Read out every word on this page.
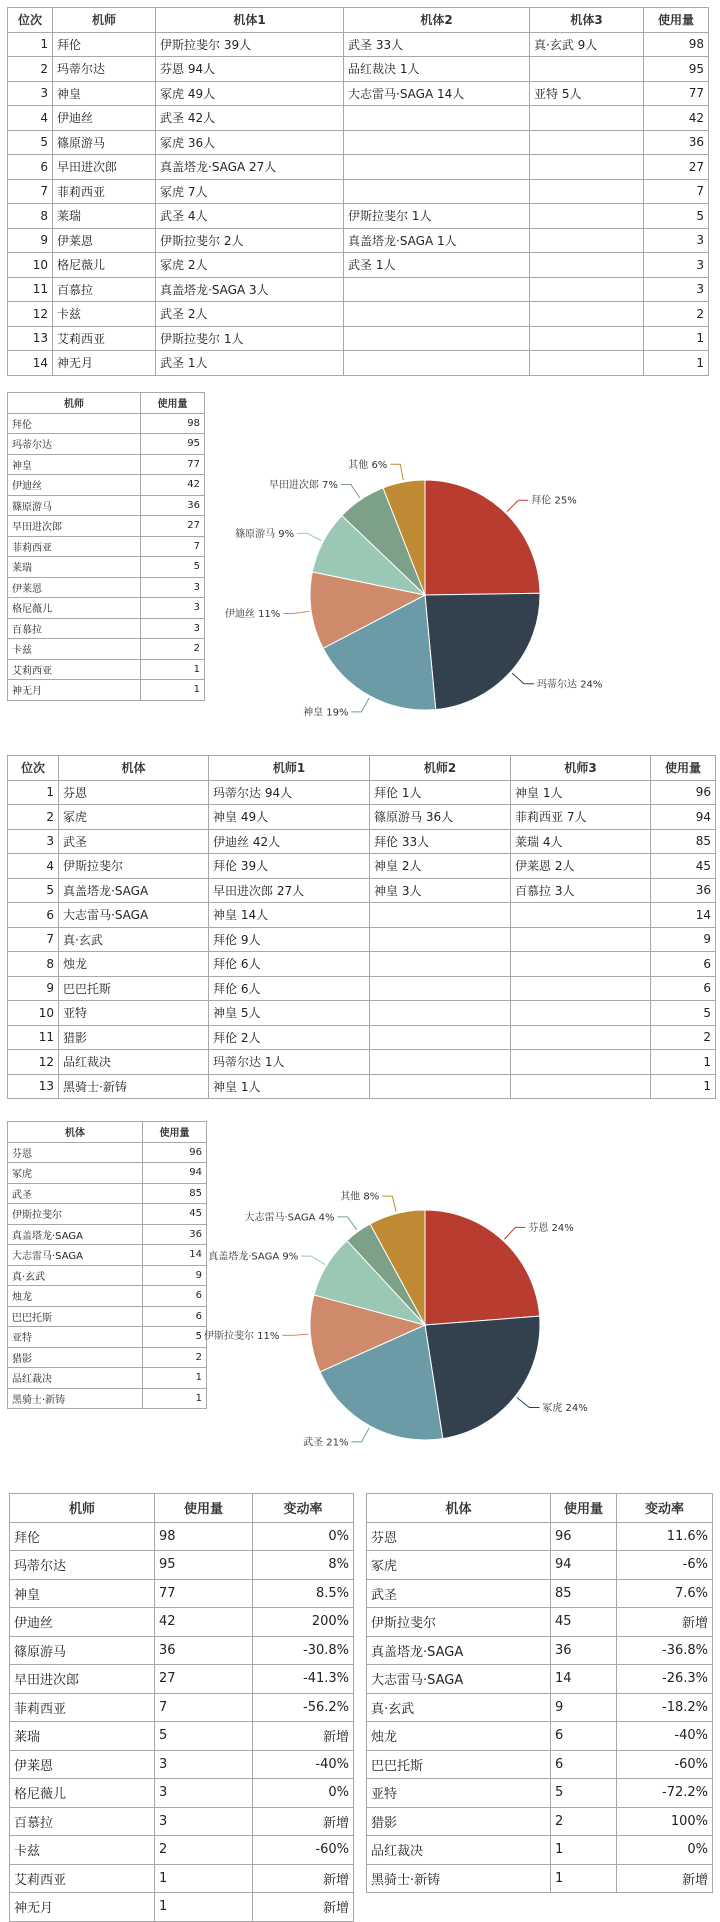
位次	机师	机体1	机体2	机体3	使用量
1	拜伦	伊斯拉斐尔 39人	武圣 33人	真·玄武 9人	98
2	玛蒂尔达	芬恩 94人	品红裁决 1人		95
3	神皇	冢虎 49人	大志雷马·SAGA 14人	亚特 5人	77
4	伊迪丝	武圣 42人			42
5	篠原游马	冢虎 36人			36
6	早田进次郎	真盖塔龙·SAGA 27人			27
7	菲莉西亚	冢虎 7人			7
8	莱瑞	武圣 4人	伊斯拉斐尔 1人		5
9	伊莱恩	伊斯拉斐尔 2人	真盖塔龙·SAGA 1人		3
10	格尼薇儿	冢虎 2人	武圣 1人		3
11	百慕拉	真盖塔龙·SAGA 3人			3
12	卡兹	武圣 2人			2
13	艾莉西亚	伊斯拉斐尔 1人			1
14	神无月	武圣 1人			1
机师	使用量
拜伦	98
玛蒂尔达	95
神皇	77
伊迪丝	42
篠原游马	36
早田进次郎	27
菲莉西亚	7
莱瑞	5
伊莱恩	3
格尼薇儿	3
百慕拉	3
卡兹	2
艾莉西亚	1
神无月	1
拜伦 25%
玛蒂尔达 24%
神皇 19%
伊迪丝 11%
篠原游马 9%
早田进次郎 7%
其他 6%
位次	机体	机师1	机师2	机师3	使用量
1	芬恩	玛蒂尔达 94人	拜伦 1人	神皇 1人	96
2	冢虎	神皇 49人	篠原游马 36人	菲莉西亚 7人	94
3	武圣	伊迪丝 42人	拜伦 33人	莱瑞 4人	85
4	伊斯拉斐尔	拜伦 39人	神皇 2人	伊莱恩 2人	45
5	真盖塔龙·SAGA	早田进次郎 27人	神皇 3人	百慕拉 3人	36
6	大志雷马·SAGA	神皇 14人			14
7	真·玄武	拜伦 9人			9
8	烛龙	拜伦 6人			6
9	巴巴托斯	拜伦 6人			6
10	亚特	神皇 5人			5
11	猎影	拜伦 2人			2
12	品红裁决	玛蒂尔达 1人			1
13	黑骑士·新铸	神皇 1人			1
机体	使用量
芬恩	96
冢虎	94
武圣	85
伊斯拉斐尔	45
真盖塔龙·SAGA	36
大志雷马·SAGA	14
真·玄武	9
烛龙	6
巴巴托斯	6
亚特	5
猎影	2
品红裁决	1
黑骑士·新铸	1
芬恩 24%
冢虎 24%
武圣 21%
伊斯拉斐尔 11%
真盖塔龙·SAGA 9%
大志雷马·SAGA 4%
其他 8%
机师	使用量	变动率
拜伦	98	0%
玛蒂尔达	95	8%
神皇	77	8.5%
伊迪丝	42	200%
篠原游马	36	-30.8%
早田进次郎	27	-41.3%
菲莉西亚	7	-56.2%
莱瑞	5	新增
伊莱恩	3	-40%
格尼薇儿	3	0%
百慕拉	3	新增
卡兹	2	-60%
艾莉西亚	1	新增
神无月	1	新增
机体	使用量	变动率
芬恩	96	11.6%
冢虎	94	-6%
武圣	85	7.6%
伊斯拉斐尔	45	新增
真盖塔龙·SAGA	36	-36.8%
大志雷马·SAGA	14	-26.3%
真·玄武	9	-18.2%
烛龙	6	-40%
巴巴托斯	6	-60%
亚特	5	-72.2%
猎影	2	100%
品红裁决	1	0%
黑骑士·新铸	1	新增
